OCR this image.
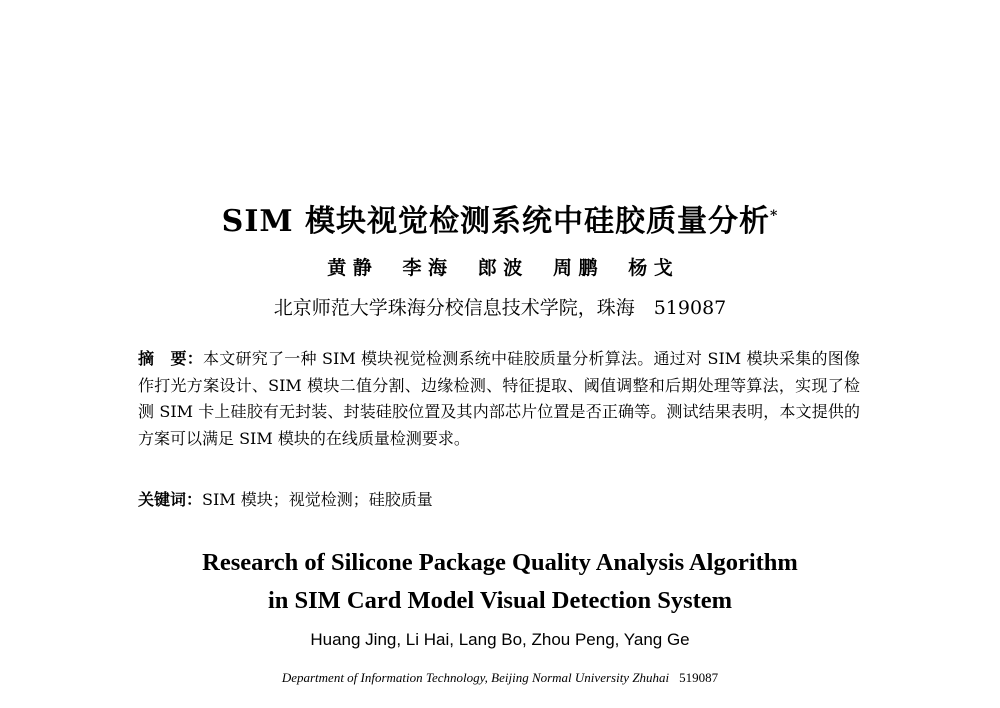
SIM 模块视觉检测系统中硅胶质量分析*
黄 静 李 海 郎 波 周 鹏 杨 戈
北京师范大学珠海分校信息技术学院，珠海　519087
摘　要：本文研究了一种 SIM 模块视觉检测系统中硅胶质量分析算法。通过对 SIM 模块采集的图像作打光方案设计、SIM 模块二值分割、边缘检测、特征提取、阈值调整和后期处理等算法，实现了检测 SIM 卡上硅胶有无封装、封装硅胶位置及其内部芯片位置是否正确等。测试结果表明，本文提供的方案可以满足 SIM 模块的在线质量检测要求。
关键词：SIM 模块；视觉检测；硅胶质量
Research of Silicone Package Quality Analysis Algorithm
in SIM Card Model Visual Detection System
Huang Jing, Li Hai, Lang Bo, Zhou Peng, Yang Ge
Department of Information Technology, Beijing Normal University Zhuhai 519087
